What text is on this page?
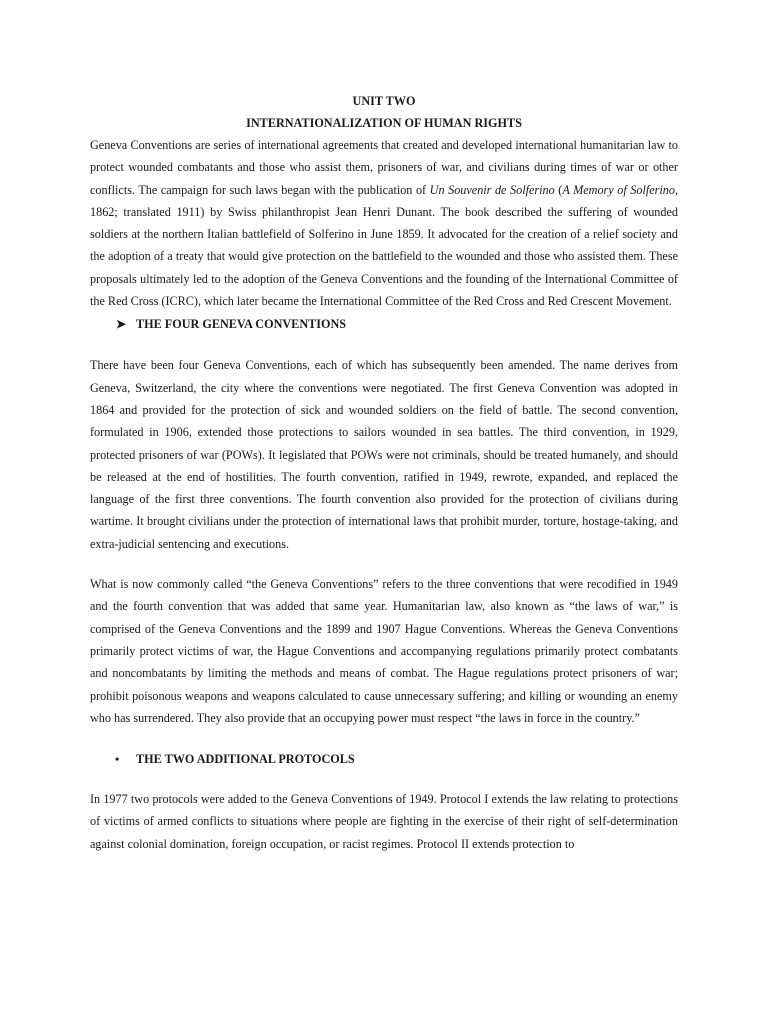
UNIT TWO
INTERNATIONALIZATION OF HUMAN RIGHTS

Geneva Conventions are series of international agreements that created and developed international humanitarian law to protect wounded combatants and those who assist them, prisoners of war, and civilians during times of war or other conflicts. The campaign for such laws began with the publication of Un Souvenir de Solferino (A Memory of Solferino, 1862; translated 1911) by Swiss philanthropist Jean Henri Dunant. The book described the suffering of wounded soldiers at the northern Italian battlefield of Solferino in June 1859. It advocated for the creation of a relief society and the adoption of a treaty that would give protection on the battlefield to the wounded and those who assisted them. These proposals ultimately led to the adoption of the Geneva Conventions and the founding of the International Committee of the Red Cross (ICRC), which later became the International Committee of the Red Cross and Red Crescent Movement.

➤ THE FOUR GENEVA CONVENTIONS

There have been four Geneva Conventions, each of which has subsequently been amended. The name derives from Geneva, Switzerland, the city where the conventions were negotiated. The first Geneva Convention was adopted in 1864 and provided for the protection of sick and wounded soldiers on the field of battle. The second convention, formulated in 1906, extended those protections to sailors wounded in sea battles. The third convention, in 1929, protected prisoners of war (POWs). It legislated that POWs were not criminals, should be treated humanely, and should be released at the end of hostilities. The fourth convention, ratified in 1949, rewrote, expanded, and replaced the language of the first three conventions. The fourth convention also provided for the protection of civilians during wartime. It brought civilians under the protection of international laws that prohibit murder, torture, hostage-taking, and extra-judicial sentencing and executions.

What is now commonly called “the Geneva Conventions” refers to the three conventions that were recodified in 1949 and the fourth convention that was added that same year. Humanitarian law, also known as “the laws of war,” is comprised of the Geneva Conventions and the 1899 and 1907 Hague Conventions. Whereas the Geneva Conventions primarily protect victims of war, the Hague Conventions and accompanying regulations primarily protect combatants and noncombatants by limiting the methods and means of combat. The Hague regulations protect prisoners of war; prohibit poisonous weapons and weapons calculated to cause unnecessary suffering; and killing or wounding an enemy who has surrendered. They also provide that an occupying power must respect “the laws in force in the country.”

• THE TWO ADDITIONAL PROTOCOLS

In 1977 two protocols were added to the Geneva Conventions of 1949. Protocol I extends the law relating to protections of victims of armed conflicts to situations where people are fighting in the exercise of their right of self-determination against colonial domination, foreign occupation, or racist regimes. Protocol II extends protection to
